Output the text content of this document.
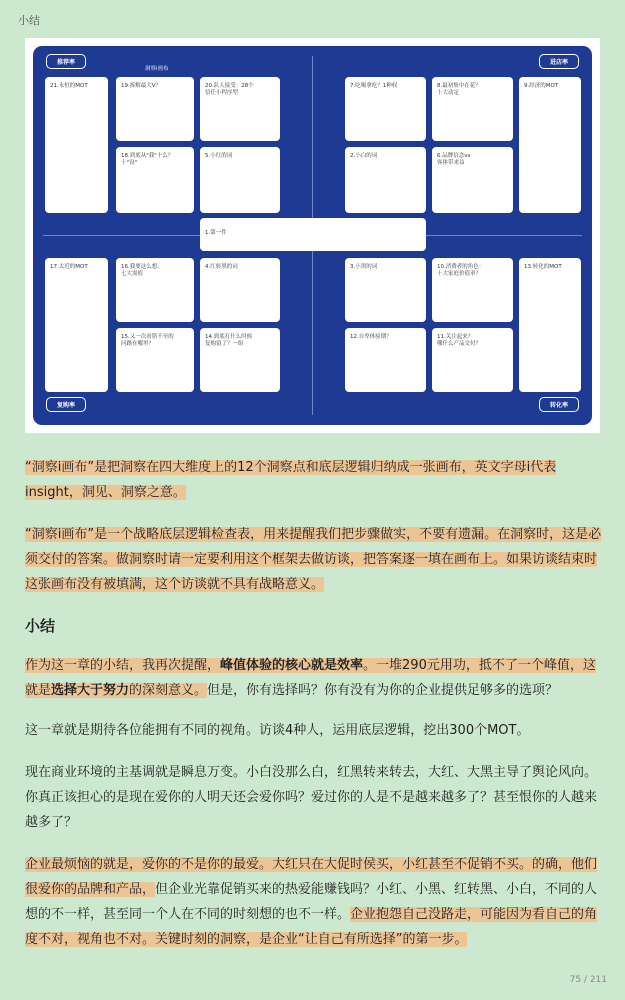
小结
推荐率	进店率
复购率	转化率
洞察i画布
21.永恒的MOT	19.拆解最大V？	20.队人接受：28个
信任小程序型
18.到底从"我"十么？
十"设"
5.小红的词
7.吃喝拿吃？1种权	8.最初集中在花？
十大动定
9.经济的MOT
2.小白的词	6.品牌信念vs
客体带来益
1.第一件
17.太近的MOT	16.我要这么想：
七大需值
4.红转黑的词
15.又一次看错不至的
问路在哪里？
14.到底打什么时候
复购留了？一组
3.小黑的词	10.消费者的角色：
十大家庭价值率？
13.转化的MOT
12.自卑体验期？	11.关注起来？
哪什么产品交付？

“洞察i画布”是把洞察在四大维度上的12个洞察点和底层逻辑归纳成一张画布，英文字母i代表insight，洞见、洞察之意。

“洞察i画布”是一个战略底层逻辑检查表，用来提醒我们把步骤做实，不要有遗漏。在洞察时，这是必须交付的答案。做洞察时请一定要利用这个框架去做访谈，把答案逐一填在画布上。如果访谈结束时这张画布没有被填满，这个访谈就不具有战略意义。

小结

作为这一章的小结，我再次提醒，峰值体验的核心就是效率。一堆290元用功，抵不了一个峰值，这就是选择大于努力的深刻意义。但是，你有选择吗？你有没有为你的企业提供足够多的选项？

这一章就是期待各位能拥有不同的视角。访谈4种人，运用底层逻辑，挖出300个MOT。

现在商业环境的主基调就是瞬息万变。小白没那么白，红黑转来转去，大红、大黑主导了舆论风向。你真正该担心的是现在爱你的人明天还会爱你吗？爱过你的人是不是越来越多了？甚至恨你的人越来越多了？

企业最烦恼的就是，爱你的不是你的最爱。大红只在大促时侯买，小红甚至不促销不买。的确，他们很爱你的品牌和产品，但企业光靠促销买来的热爱能赚钱吗？小红、小黑、红转黑、小白，不同的人想的不一样，甚至同一个人在不同的时刻想的也不一样。企业抱怨自己没路走，可能因为看自己的角度不对，视角也不对。关键时刻的洞察，是企业“让自己有所选择”的第一步。

75 / 211
